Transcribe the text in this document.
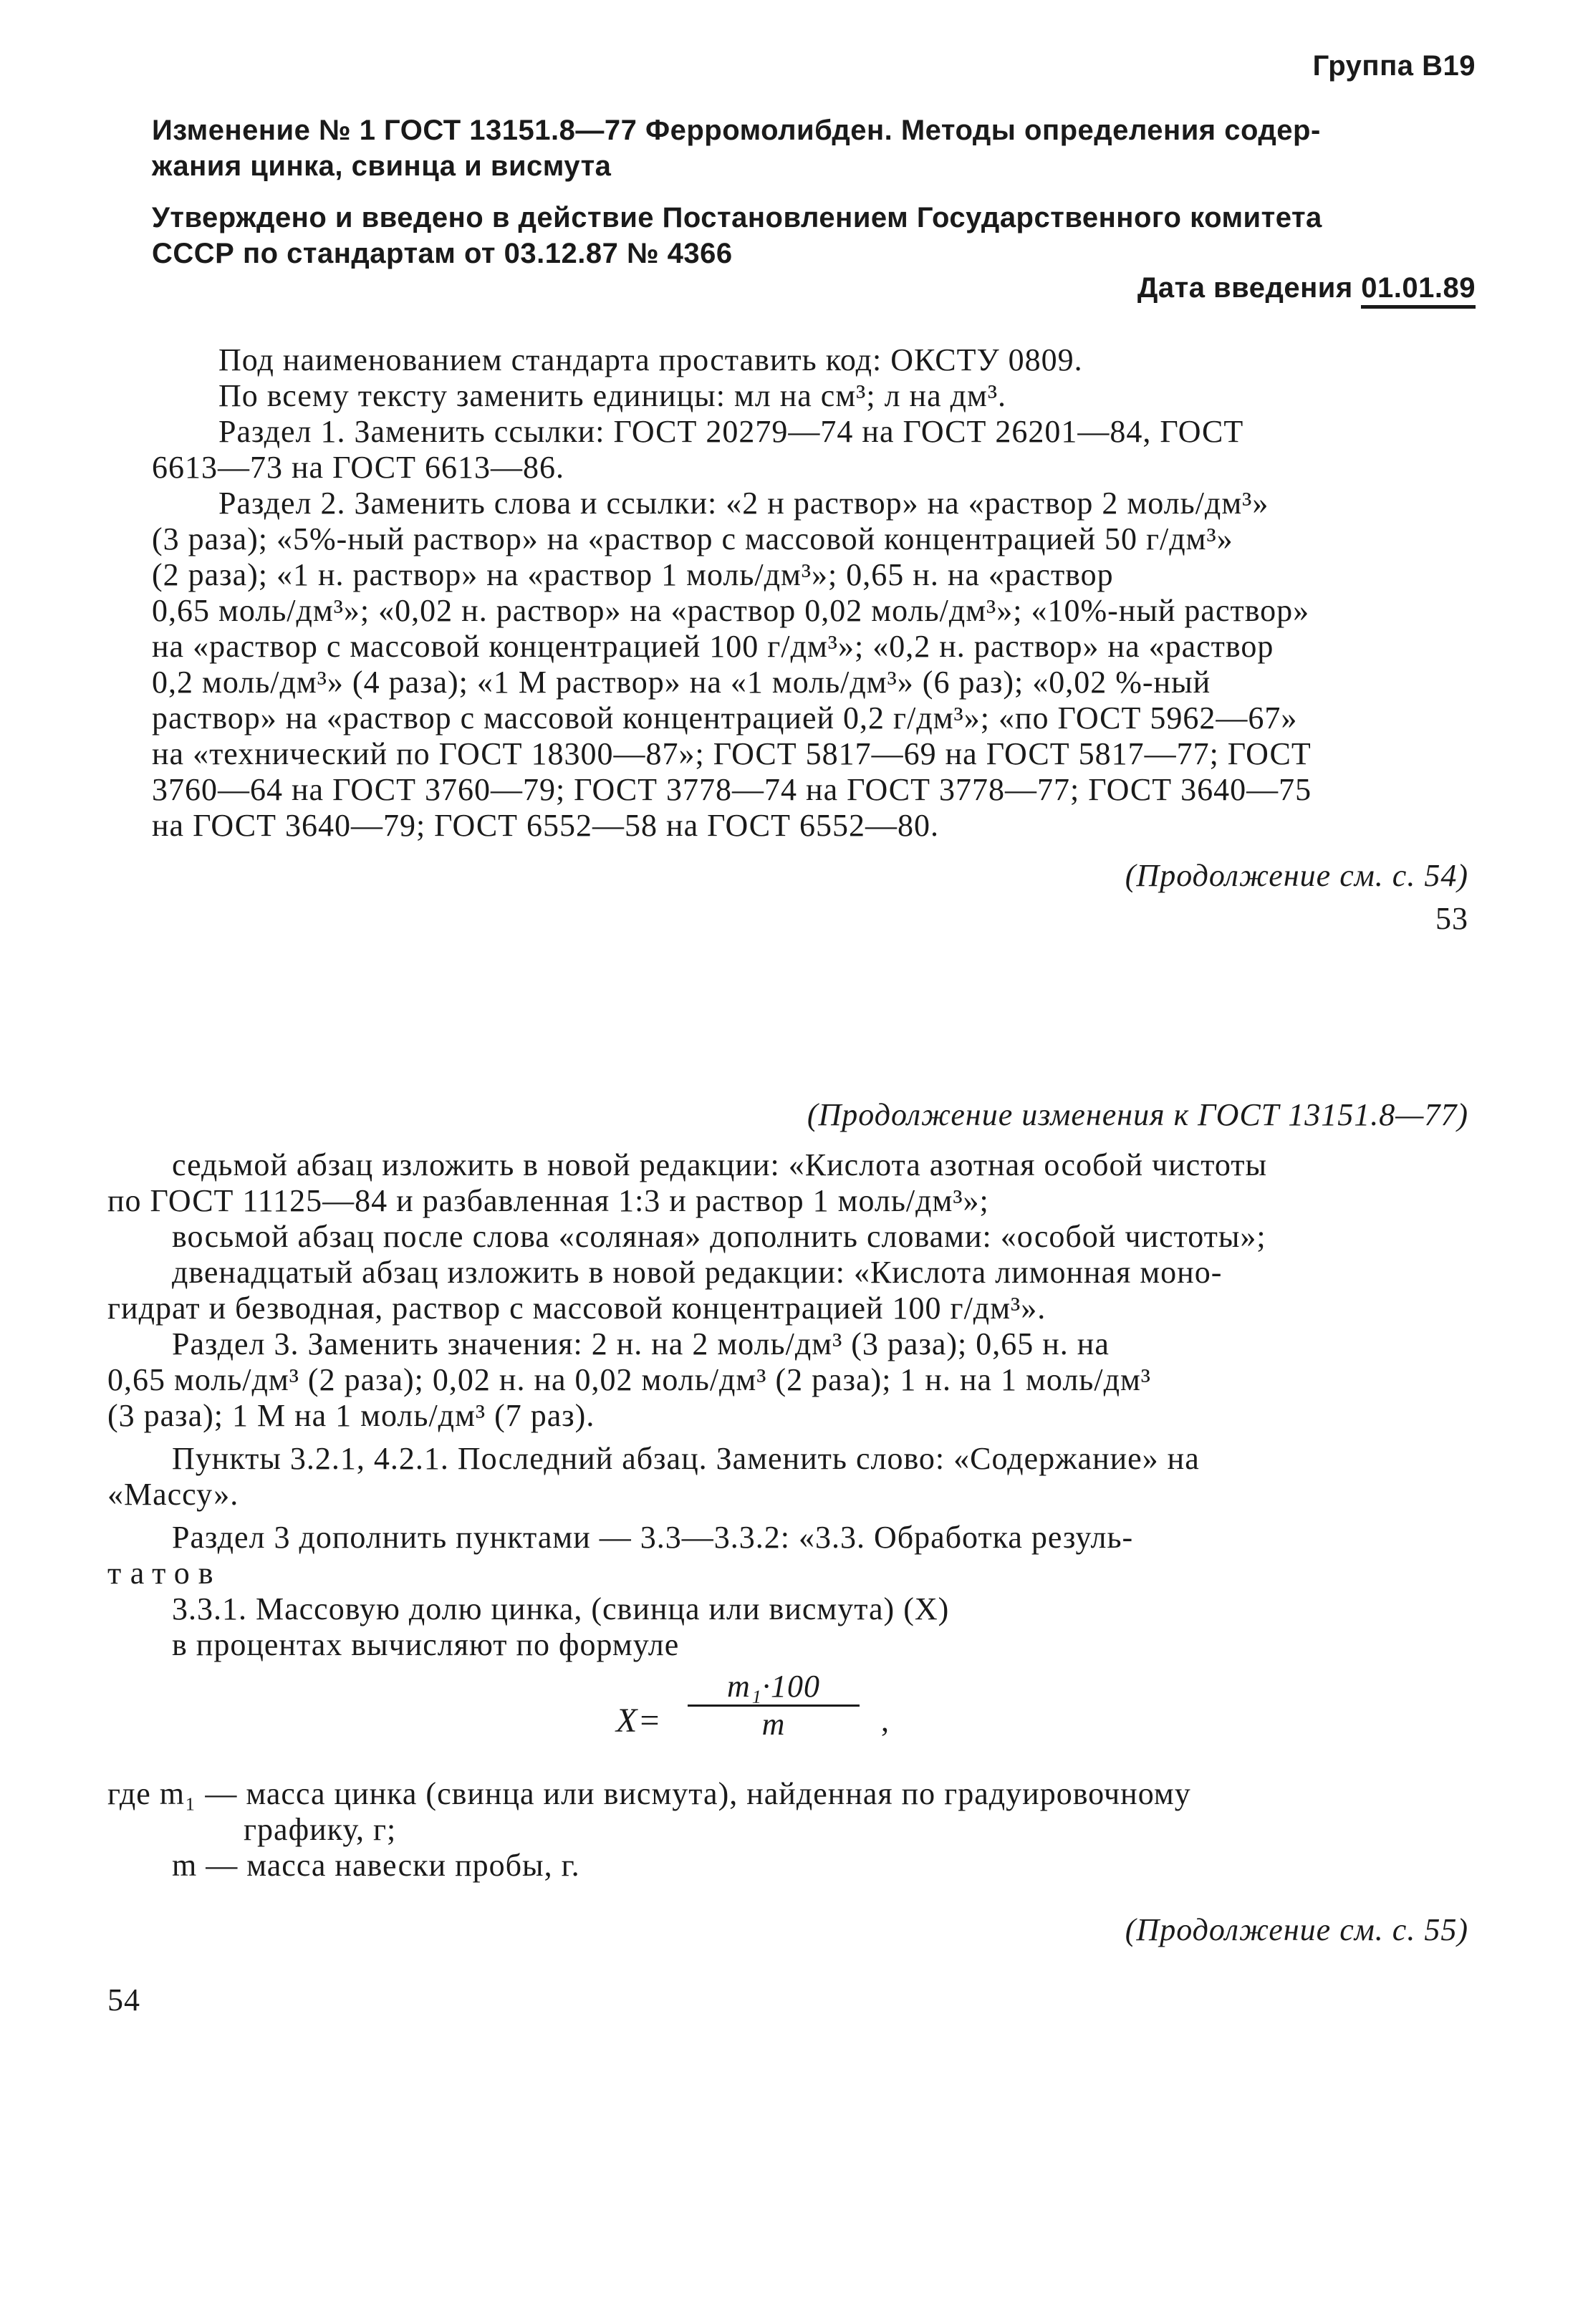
Группа В19
Изменение № 1 ГОСТ 13151.8—77 Ферромолибден. Методы определения содер-
жания цинка, свинца и висмута
Утверждено и введено в действие Постановлением Государственного комитета
СССР по стандартам от 03.12.87 № 4366
Дата введения 01.01.89
Под наименованием стандарта проставить код: ОКСТУ 0809.
По всему тексту заменить единицы: мл на см³; л на дм³.
Раздел 1. Заменить ссылки: ГОСТ 20279—74 на ГОСТ 26201—84, ГОСТ
6613—73 на ГОСТ 6613—86.
Раздел 2. Заменить слова и ссылки: «2 н раствор» на «раствор 2 моль/дм³»
(3 раза); «5%-ный раствор» на «раствор с массовой концентрацией 50 г/дм³»
(2 раза); «1 н. раствор» на «раствор 1 моль/дм³»; 0,65 н. на «раствор
0,65 моль/дм³»; «0,02 н. раствор» на «раствор 0,02 моль/дм³»; «10%-ный раствор»
на «раствор с массовой концентрацией 100 г/дм³»; «0,2 н. раствор» на «раствор
0,2 моль/дм³» (4 раза); «1 М раствор» на «1 моль/дм³» (6 раз); «0,02 %-ный
раствор» на «раствор с массовой концентрацией 0,2 г/дм³»; «по ГОСТ 5962—67»
на «технический по ГОСТ 18300—87»; ГОСТ 5817—69 на ГОСТ 5817—77; ГОСТ
3760—64 на ГОСТ 3760—79; ГОСТ 3778—74 на ГОСТ 3778—77; ГОСТ 3640—75
на ГОСТ 3640—79; ГОСТ 6552—58 на ГОСТ 6552—80.
(Продолжение см. с. 54)
53
(Продолжение изменения к ГОСТ 13151.8—77)
седьмой абзац изложить в новой редакции: «Кислота азотная особой чистоты
по ГОСТ 11125—84 и разбавленная 1:3 и раствор 1 моль/дм³»;
восьмой абзац после слова «соляная» дополнить словами: «особой чистоты»;
двенадцатый абзац изложить в новой редакции: «Кислота лимонная моно-
гидрат и безводная, раствор с массовой концентрацией 100 г/дм³».
Раздел 3. Заменить значения: 2 н. на 2 моль/дм³ (3 раза); 0,65 н. на
0,65 моль/дм³ (2 раза); 0,02 н. на 0,02 моль/дм³ (2 раза); 1 н. на 1 моль/дм³
(3 раза); 1 М на 1 моль/дм³ (7 раз).
Пункты 3.2.1, 4.2.1. Последний абзац. Заменить слово: «Содержание» на
«Массу».
Раздел 3 дополнить пунктами — 3.3—3.3.2: «3.3. Обработка резуль-
татов
3.3.1. Массовую долю цинка, (свинца или висмута) (X)
в процентах вычисляют по формуле
X=
m₁·100
m	,
где m₁ — масса цинка (свинца или висмута), найденная по градуировочному
графику, г;
m — масса навески пробы, г.
(Продолжение см. с. 55)
54
